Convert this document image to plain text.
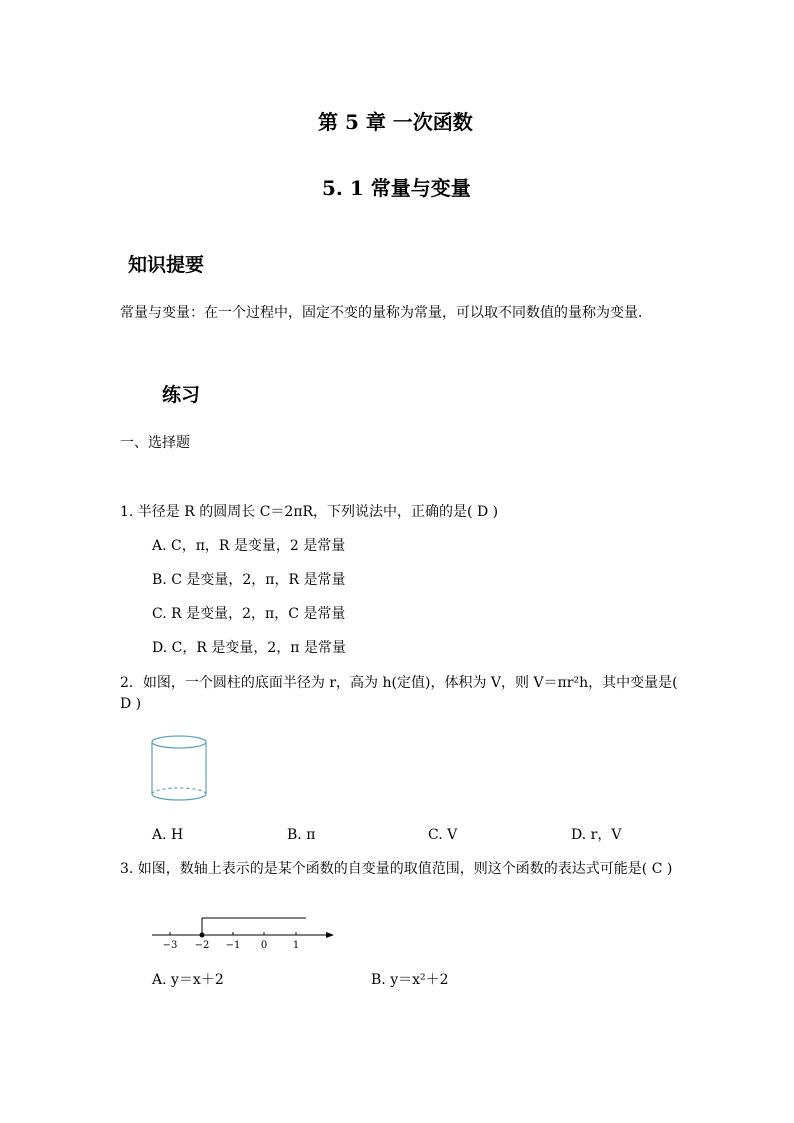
第 5 章 一次函数
5. 1 常量与变量
知识提要
常量与变量：在一个过程中，固定不变的量称为常量，可以取不同数值的量称为变量．
练习
一、选择题
1. 半径是 R 的圆周长 C＝2πR，下列说法中，正确的是( D )
A. C，π，R 是变量，2 是常量
B. C 是变量，2，π，R 是常量
C. R 是变量，2，π，C 是常量
D. C，R 是变量，2，π 是常量
2．如图，一个圆柱的底面半径为 r，高为 h(定值)，体积为 V，则 V＝πr²h，其中变量是( D )
A. H	B. π	C. V	D. r，V
3. 如图，数轴上表示的是某个函数的自变量的取值范围，则这个函数的表达式可能是( C )
−3 −2 −1 0	1
A. y＝x＋2	B. y＝x²＋2
